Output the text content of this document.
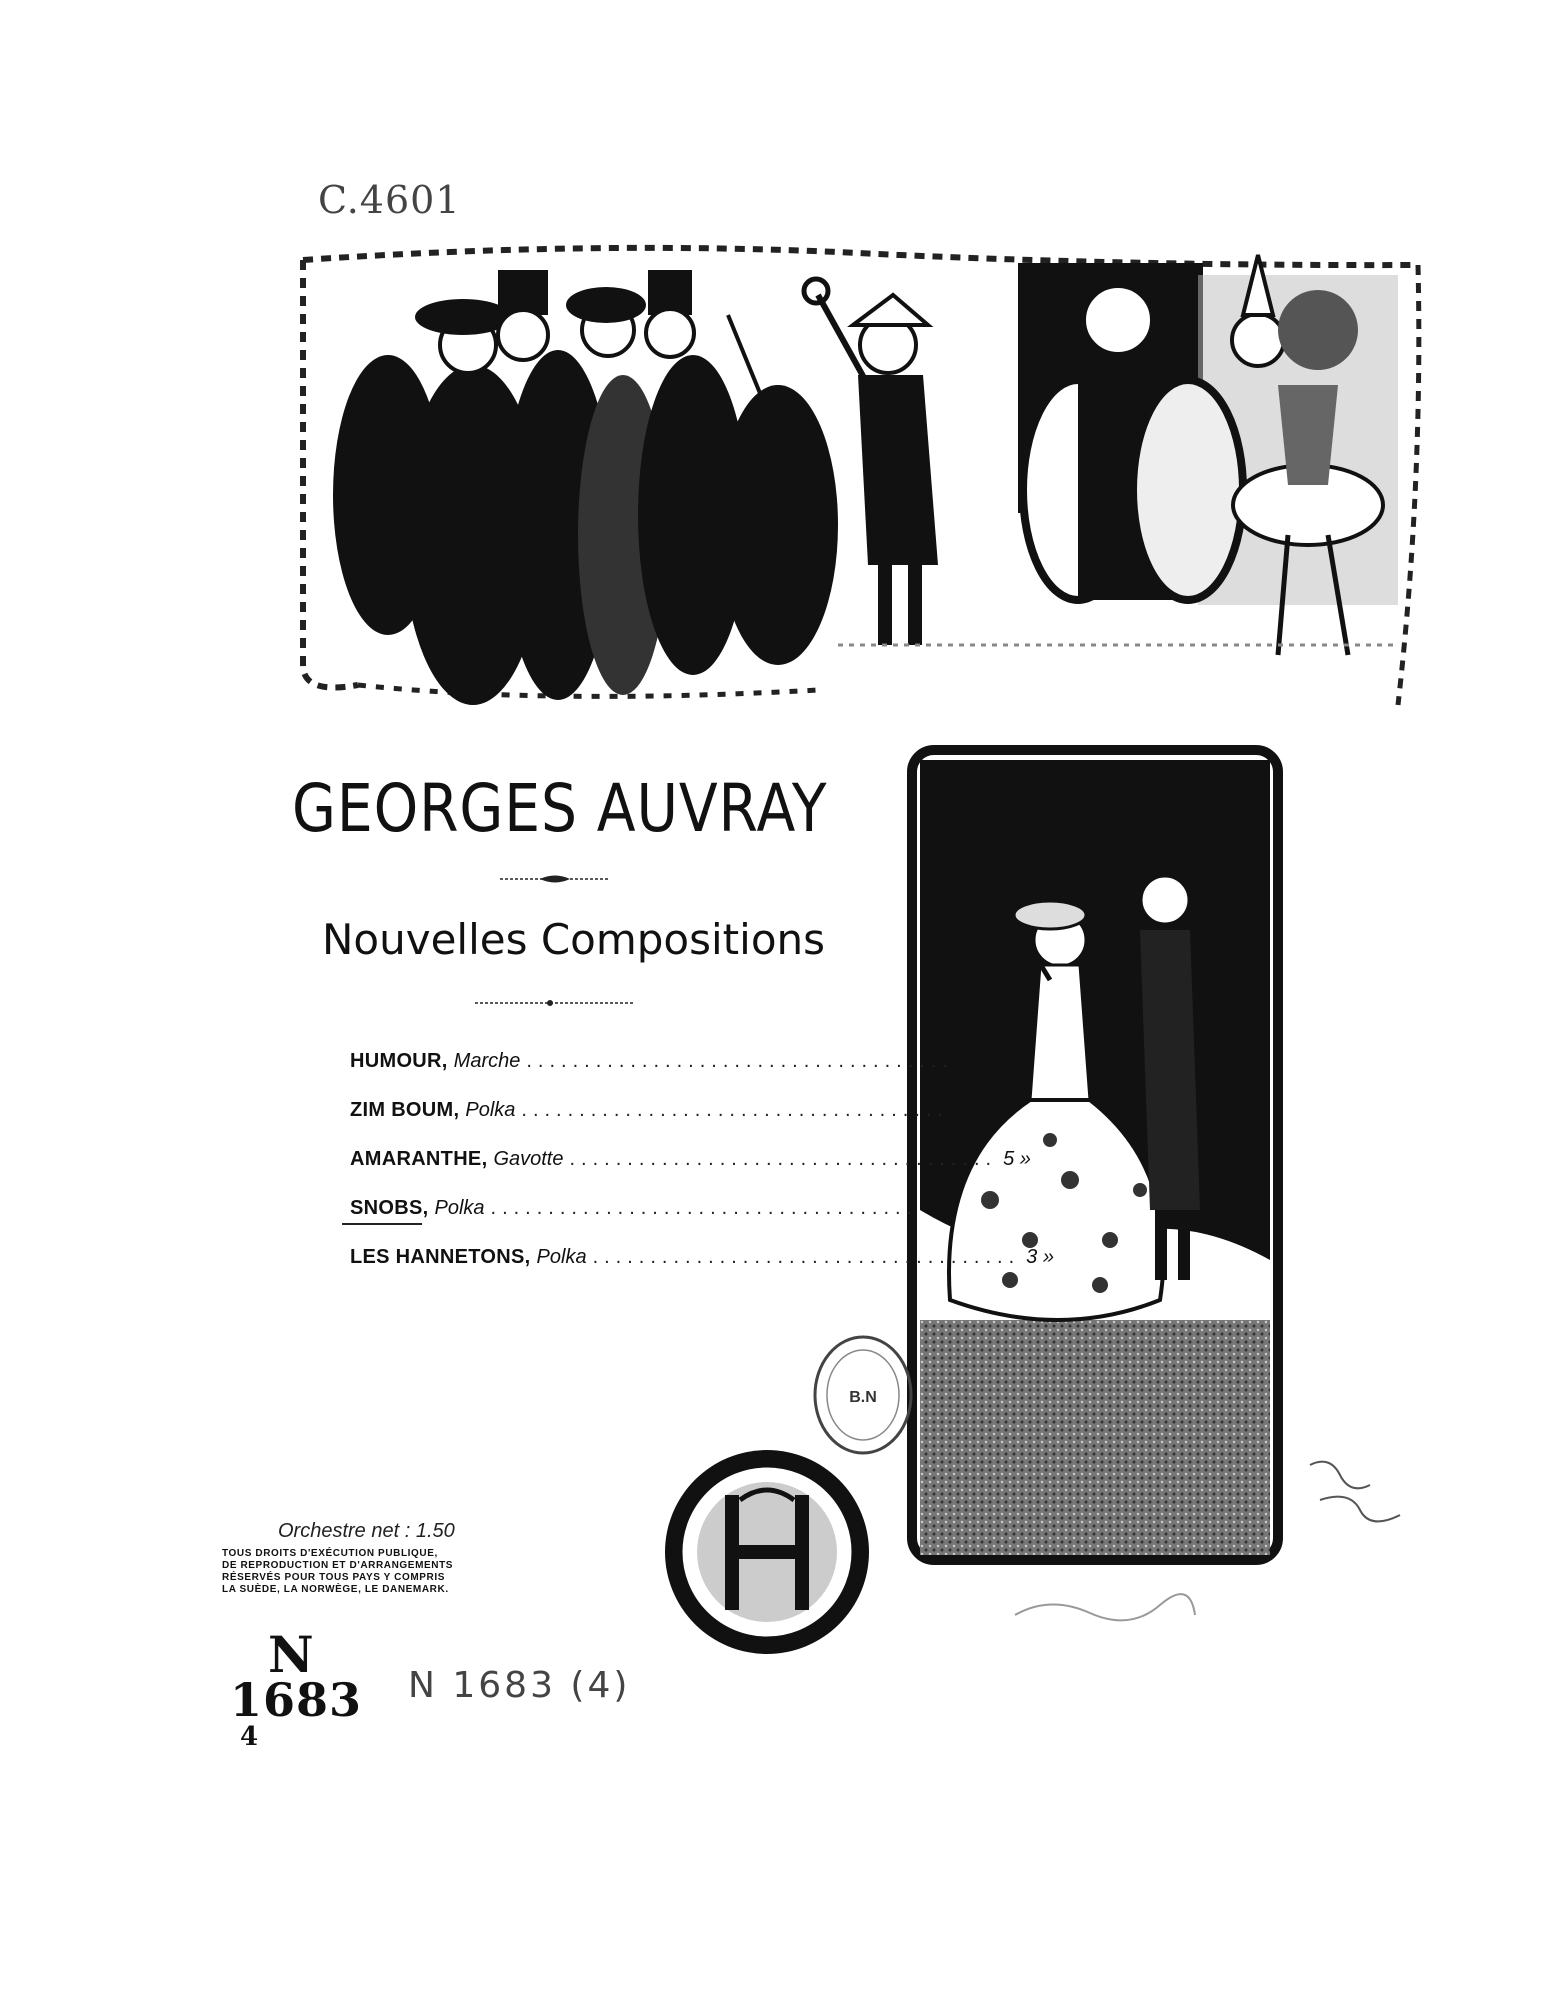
C.4601
GEORGES AUVRAY
Nouvelles Compositions
HUMOUR, Marche ..................................... 5 fr.
ZIM BOUM, Polka ..................................... 5 »
AMARANTHE, Gavotte ..................................... 5 »
SNOBS, Polka ..................................... 5 »
LES HANNETONS, Polka ..................................... 3 »
B.N
Orchestre net : 1.50
TOUS DROITS D'EXÉCUTION PUBLIQUE,
DE REPRODUCTION ET D'ARRANGEMENTS
RÉSERVÉS POUR TOUS PAYS Y COMPRIS
LA SUÈDE, LA NORWÈGE, LE DANEMARK.
N
1683
4
N 1683 (4)
